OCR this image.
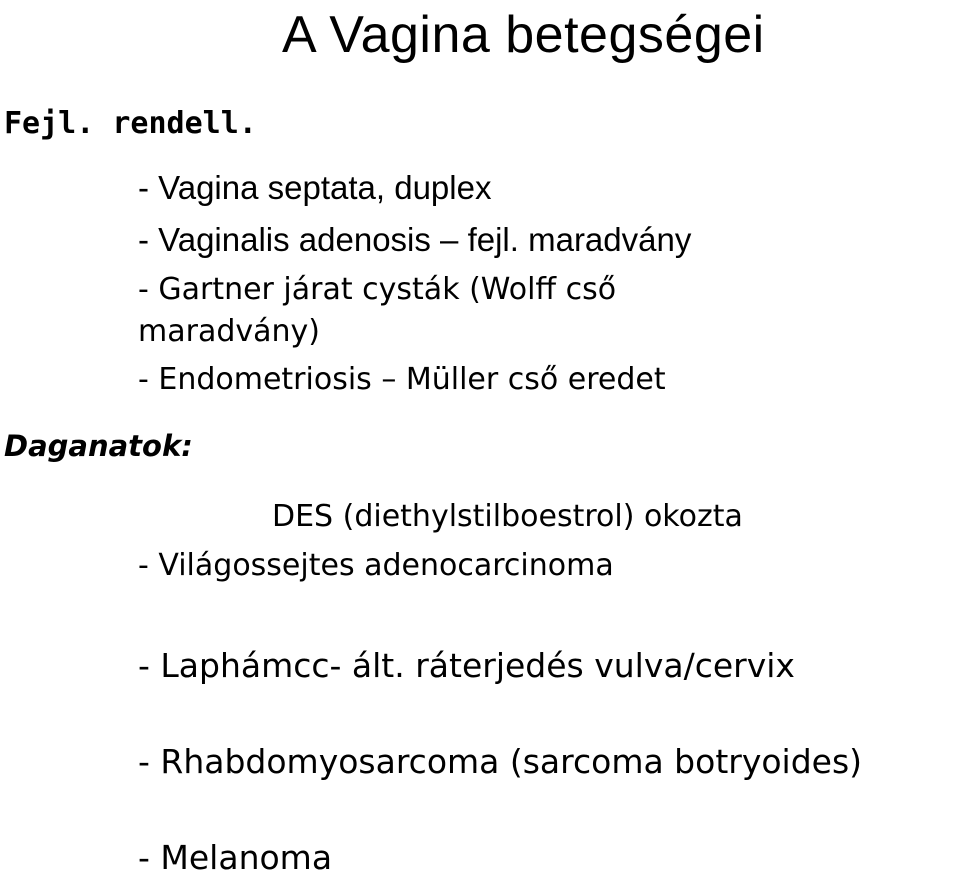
A Vagina betegségei
Fejl. rendell.
- Vagina septata, duplex
- Vaginalis adenosis – fejl. maradvány
- Gartner járat cysták (Wolff cső
maradvány)
- Endometriosis – Müller cső eredet
Daganatok:
DES (diethylstilboestrol) okozta
- Világossejtes adenocarcinoma
- Laphámcc- ált. ráterjedés vulva/cervix
- Rhabdomyosarcoma (sarcoma botryoides)
- Melanoma
